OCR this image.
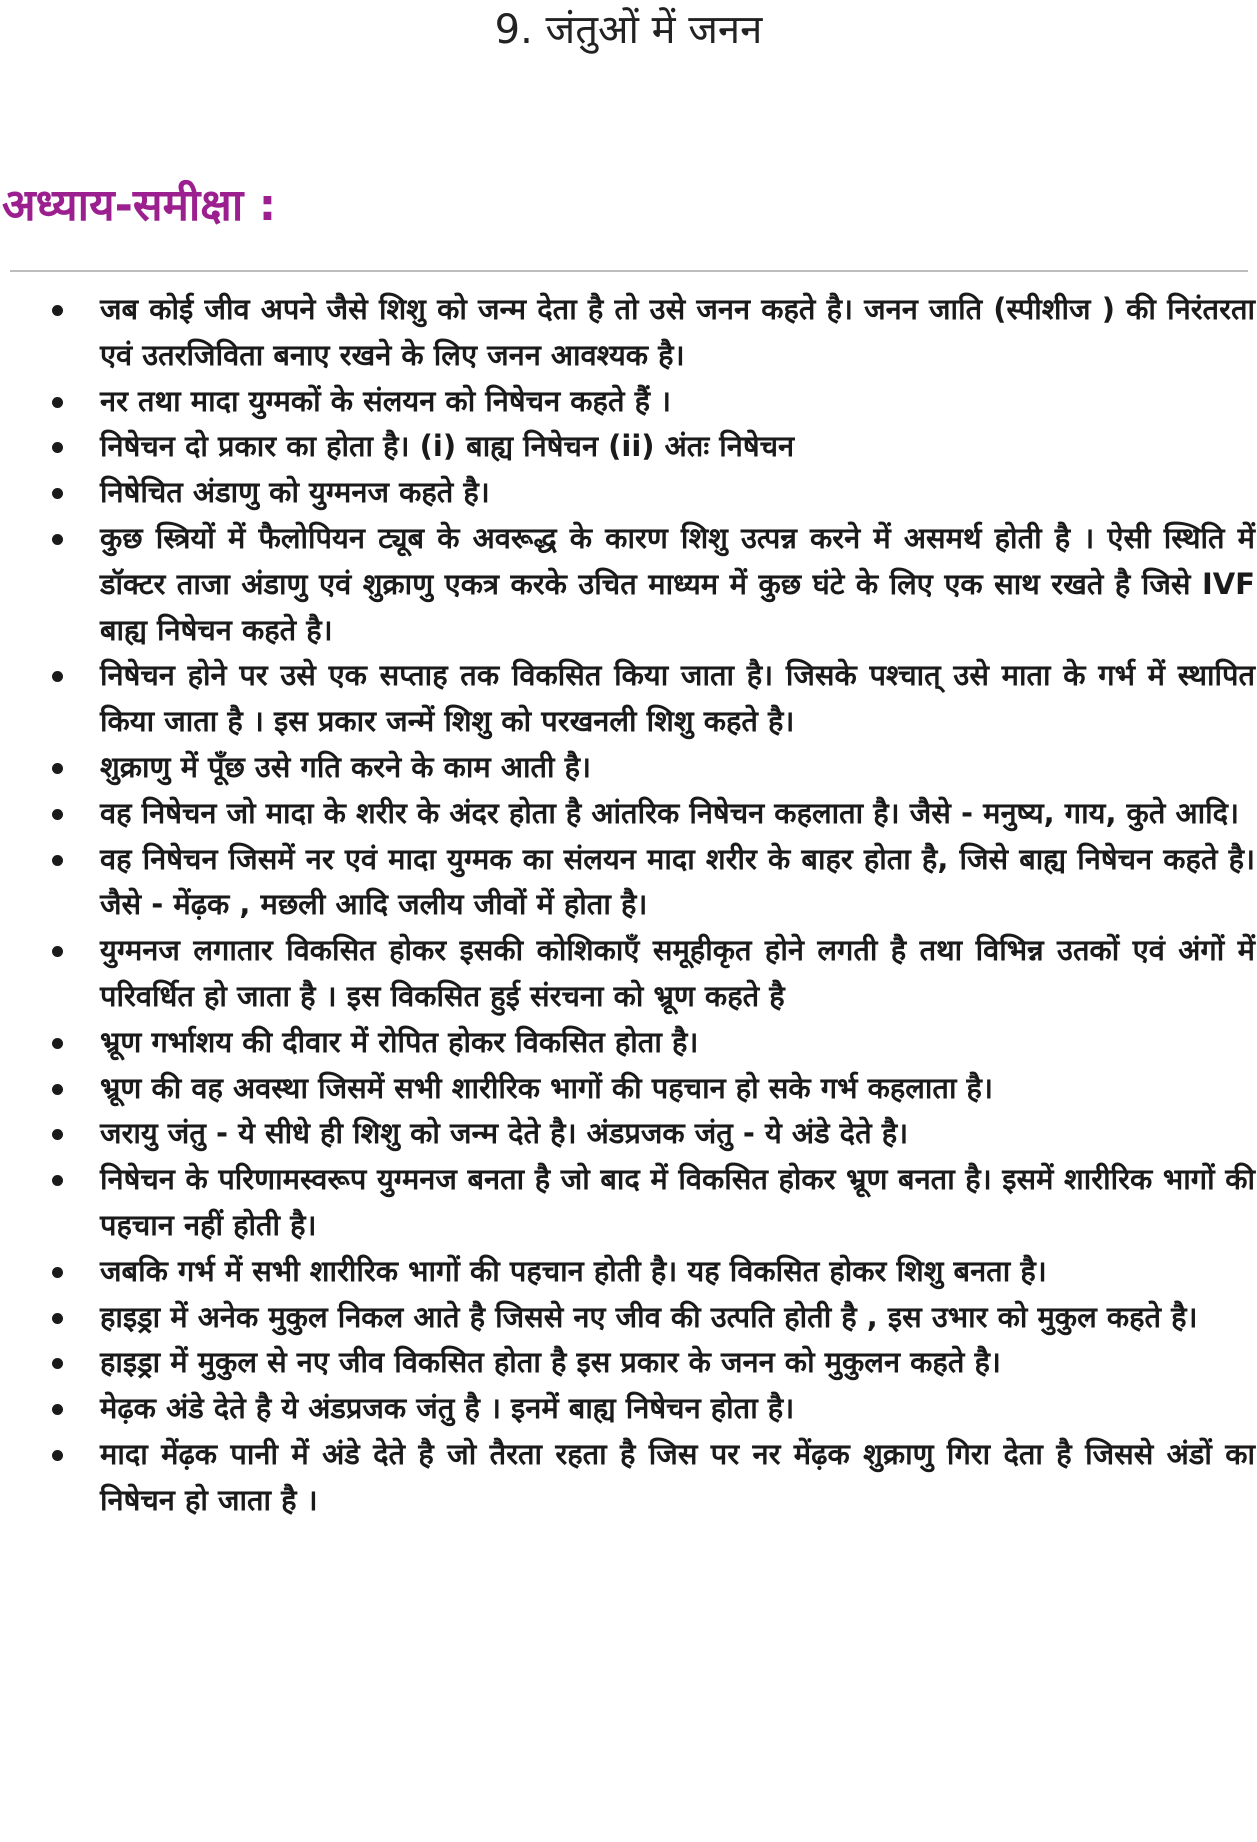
9. जंतुओं में जनन
अध्याय-समीक्षा :
जब कोई जीव अपने जैसे शिशु को जन्म देता है तो उसे जनन कहते है। जनन जाति (स्पीशीज ) की निरंतरता एवं उतरजिविता बनाए रखने के लिए जनन आवश्यक है।
नर तथा मादा युग्मकों के संलयन को निषेचन कहते हैं ।
निषेचन दो प्रकार का होता है। (i) बाह्य निषेचन (ii) अंतः निषेचन
निषेचित अंडाणु को युग्मनज कहते है।
कुछ स्त्रियों में फैलोपियन ट्यूब के अवरूद्ध के कारण शिशु उत्पन्न करने में असमर्थ होती है । ऐसी स्थिति में डॉक्टर ताजा अंडाणु एवं शुक्राणु एकत्र करके उचित माध्यम में कुछ घंटे के लिए एक साथ रखते है जिसे IVF बाह्य निषेचन कहते है।
निषेचन होने पर उसे एक सप्ताह तक विकसित किया जाता है। जिसके पश्चात् उसे माता के गर्भ में स्थापित किया जाता है । इस प्रकार जन्में शिशु को परखनली शिशु कहते है।
शुक्राणु में पूँछ उसे गति करने के काम आती है।
वह निषेचन जो मादा के शरीर के अंदर होता है आंतरिक निषेचन कहलाता है। जैसे - मनुष्य, गाय, कुते आदि।
वह निषेचन जिसमें नर एवं मादा युग्मक का संलयन मादा शरीर के बाहर होता है, जिसे बाह्य निषेचन कहते है। जैसे - मेंढ़क , मछली आदि जलीय जीवों में होता है।
युग्मनज लगातार विकसित होकर इसकी कोशिकाएँ समूहीकृत होने लगती है तथा विभिन्न उतकों एवं अंगों में परिवर्धित हो जाता है । इस विकसित हुई संरचना को भ्रूण कहते है
भ्रूण गर्भाशय की दीवार में रोपित होकर विकसित होता है।
भ्रूण की वह अवस्था जिसमें सभी शारीरिक भागों की पहचान हो सके गर्भ कहलाता है।
जरायु जंतु - ये सीधे ही शिशु को जन्म देते है। अंडप्रजक जंतु - ये अंडे देते है।
निषेचन के परिणामस्वरूप युग्मनज बनता है जो बाद में विकसित होकर भ्रूण बनता है। इसमें शारीरिक भागों की पहचान नहीं होती है।
जबकि गर्भ में सभी शारीरिक भागों की पहचान होती है। यह विकसित होकर शिशु बनता है।
हाइड्रा में अनेक मुकुल निकल आते है जिससे नए जीव की उत्पति होती है , इस उभार को मुकुल कहते है।
हाइड्रा में मुकुल से नए जीव विकसित होता है इस प्रकार के जनन को मुकुलन कहते है।
मेढ़क अंडे देते है ये अंडप्रजक जंतु है । इनमें बाह्य निषेचन होता है।
मादा मेंढ़क पानी में अंडे देते है जो तैरता रहता है जिस पर नर मेंढ़क शुक्राणु गिरा देता है जिससे अंडों का निषेचन हो जाता है ।
